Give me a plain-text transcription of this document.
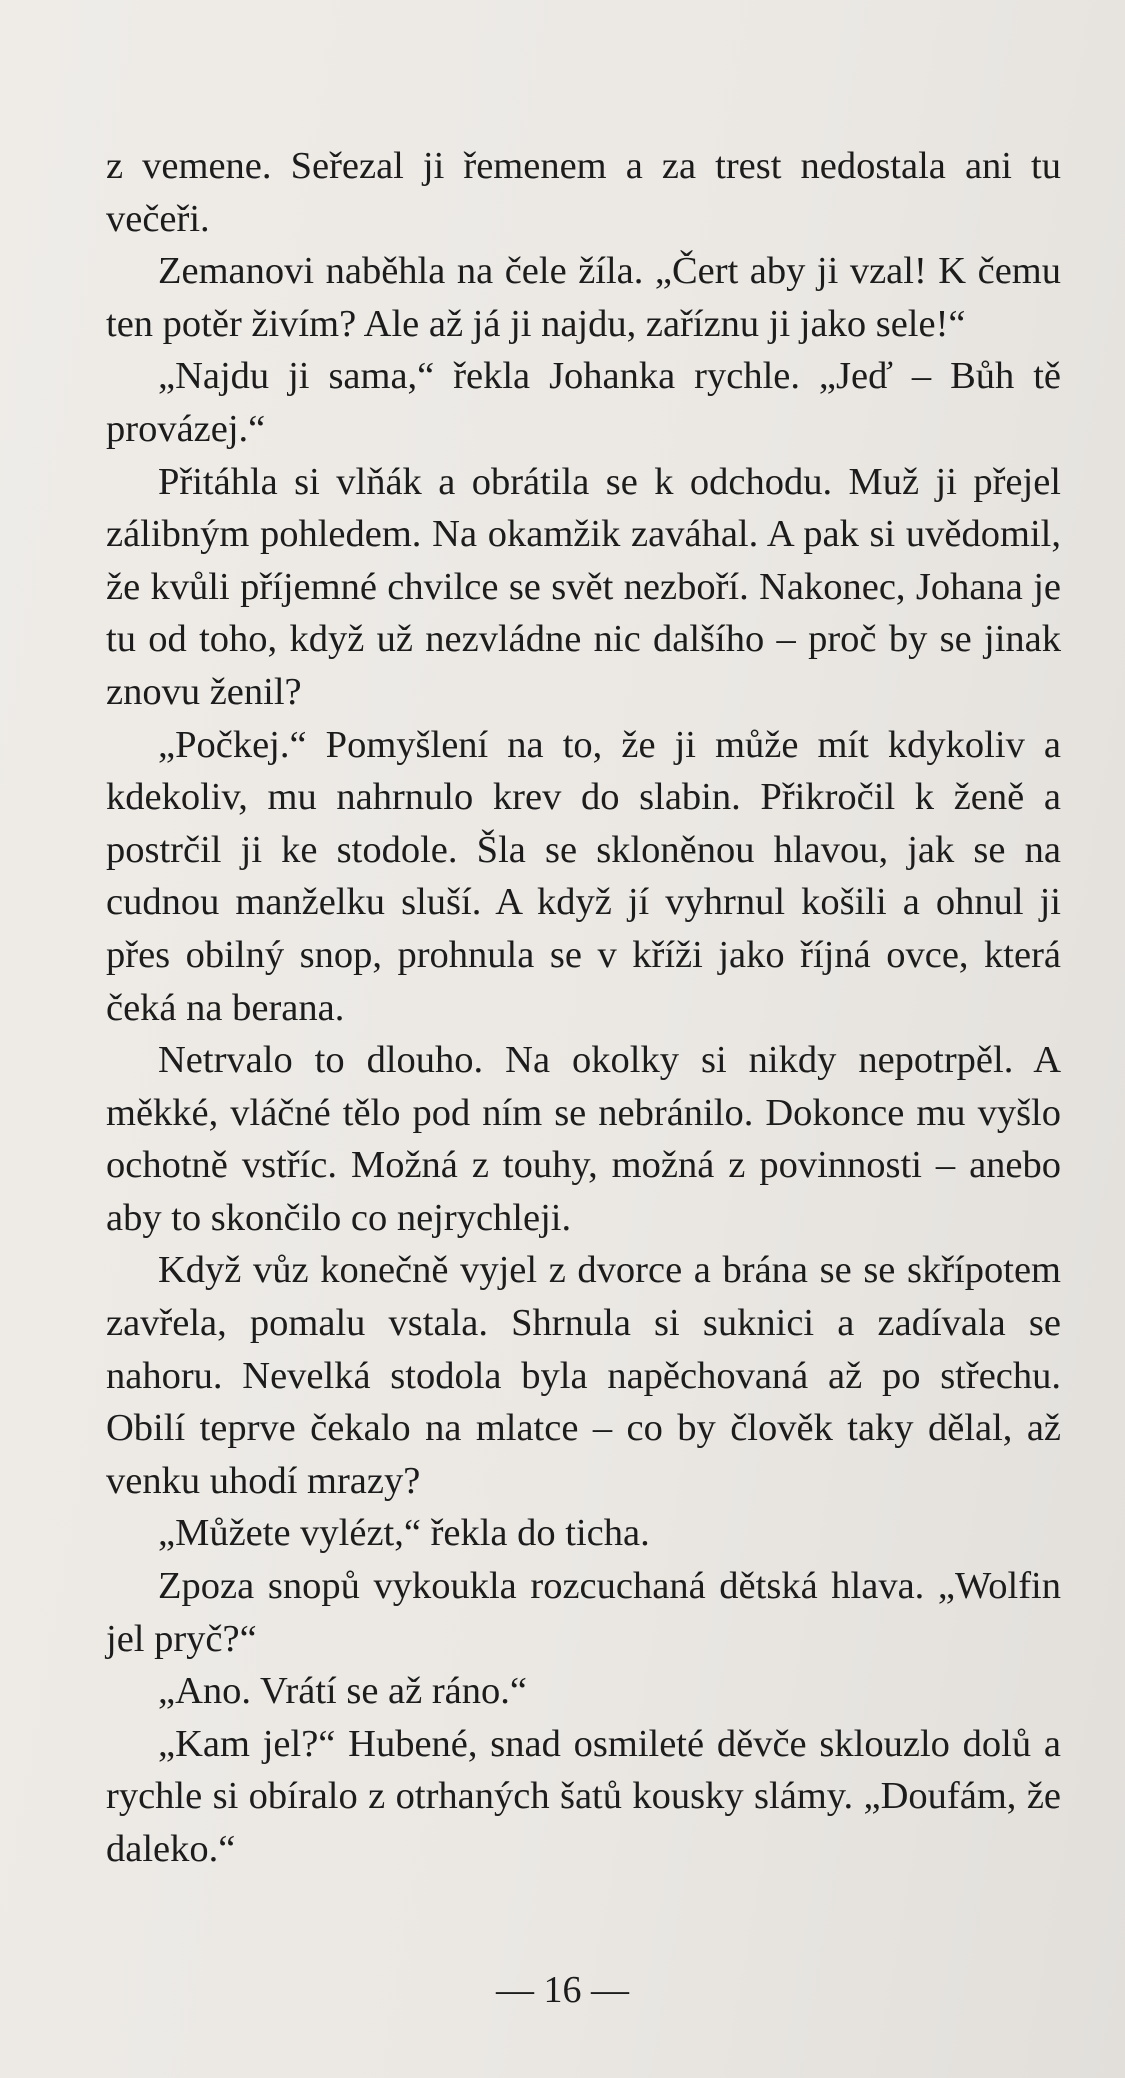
z vemene. Seřezal ji řemenem a za trest nedostala ani tu večeři.

Zemanovi naběhla na čele žíla. „Čert aby ji vzal! K čemu ten potěr živím? Ale až já ji najdu, zaříznu ji jako sele!“

„Najdu ji sama,“ řekla Johanka rychle. „Jeď – Bůh tě provázej.“

Přitáhla si vlňák a obrátila se k odchodu. Muž ji přejel zálibným pohledem. Na okamžik zaváhal. A pak si uvědomil, že kvůli příjemné chvilce se svět nezboří. Nakonec, Johana je tu od toho, když už nezvládne nic dalšího – proč by se jinak znovu ženil?

„Počkej.“ Pomyšlení na to, že ji může mít kdykoliv a kdekoliv, mu nahrnulo krev do slabin. Přikročil k ženě a postrčil ji ke stodole. Šla se skloněnou hlavou, jak se na cudnou manželku sluší. A když jí vyhrnul košili a ohnul ji přes obilný snop, prohnula se v kříži jako říjná ovce, která čeká na berana.

Netrvalo to dlouho. Na okolky si nikdy nepotrpěl. A měkké, vláčné tělo pod ním se nebránilo. Dokonce mu vyšlo ochotně vstříc. Možná z touhy, možná z povinnosti – anebo aby to skončilo co nejrychleji.

Když vůz konečně vyjel z dvorce a brána se se skřípotem zavřela, pomalu vstala. Shrnula si suknici a zadívala se nahoru. Nevelká stodola byla napěchovaná až po střechu. Obilí teprve čekalo na mlatce – co by člověk taky dělal, až venku uhodí mrazy?

„Můžete vylézt,“ řekla do ticha.

Zpoza snopů vykoukla rozcuchaná dětská hlava. „Wolfin jel pryč?“

„Ano. Vrátí se až ráno.“

„Kam jel?“ Hubené, snad osmileté děvče sklouzlo dolů a rychle si obíralo z otrhaných šatů kousky slámy. „Doufám, že daleko.“

— 16 —
